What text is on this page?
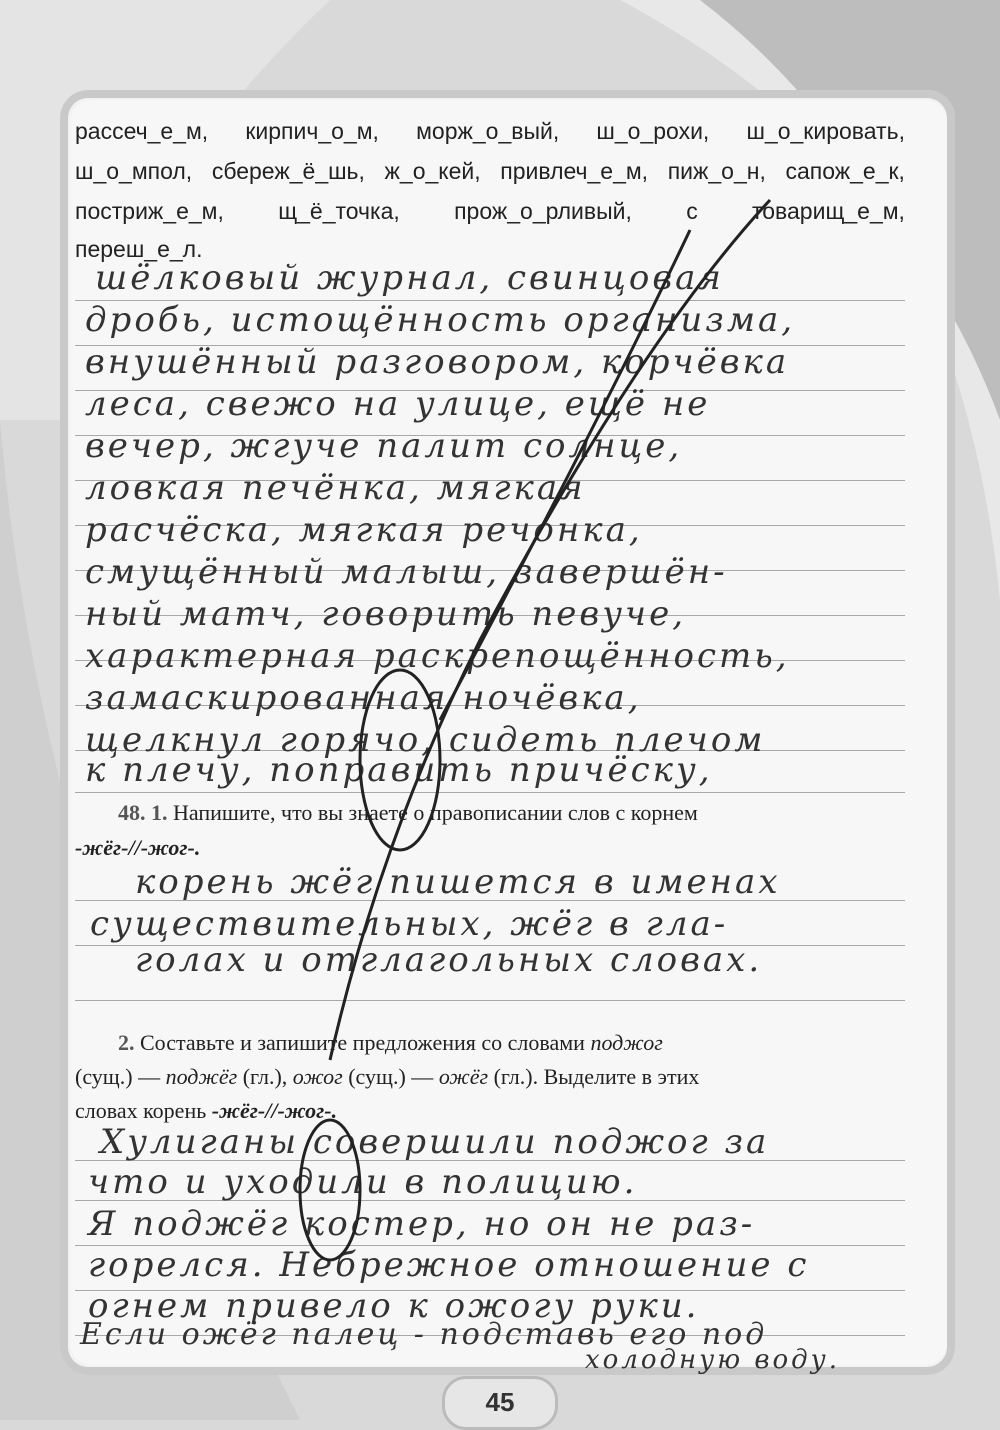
рассеч_е_м, кирпич_о_м, морж_о_вый, ш_о_рохи, ш_о_кировать,
ш_о_мпол, сбереж_ё_шь, ж_о_кей, привлеч_е_м, пиж_о_н, сапож_е_к,
постриж_е_м, щ_ё_точка, прож_о_рливый, с товарищ_е_м,
переш_е_л.
шёлковый журнал, свинцовая
дробь, истощённость организма,
внушённый разговором, корчёвка
леса, свежо на улице, ещё не
вечер, жгуче палит солнце,
ловкая печёнка, мягкая
расчёска, мягкая речонка,
смущённый малыш, завершён-
ный матч, говорить певуче,
характерная раскрепощённость,
замаскированная ночёвка,
щелкнул горячо, сидеть плечом
к плечу, поправить причёску,
48. 1. Напишите, что вы знаете о правописании слов с корнем
-жёг-//-жог-.
корень жёг пишется в именах
существительных, жёг в гла-
голах и отглагольных словах.
2. Составьте и запишите предложения со словами поджог
(сущ.) — поджёг (гл.), ожог (сущ.) — ожёг (гл.). Выделите в этих
словах корень -жёг-//-жог-.
Хулиганы совершили поджог за
что и уходили в полицию.
Я поджёг костер, но он не раз-
горелся. Небрежное отношение с
огнем привело к ожогу руки.
Если ожёг палец - подставь его под
холодную воду.
45
